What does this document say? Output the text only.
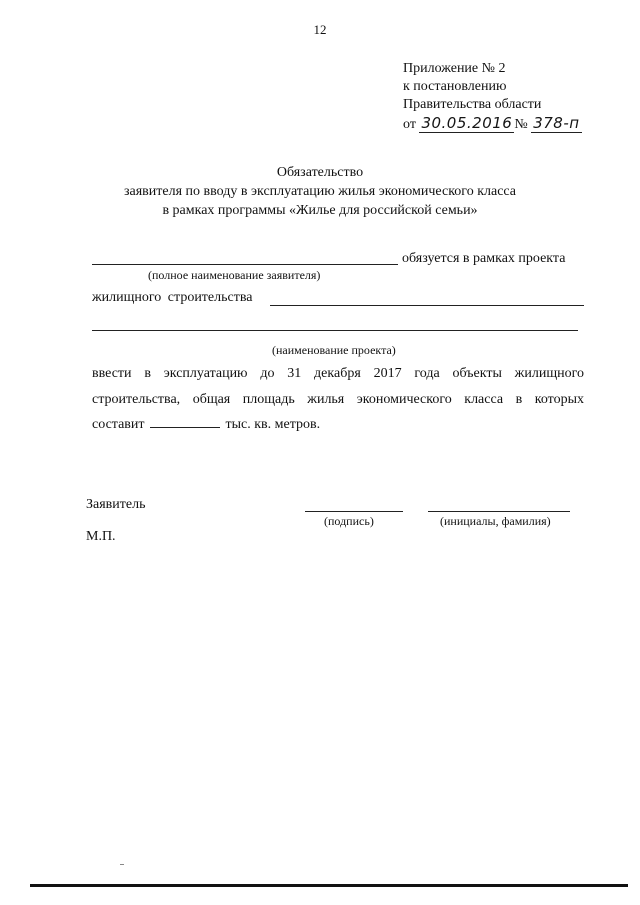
12
Приложение № 2
к постановлению
Правительства области
от 30.05.2016 № 378-п
Обязательство
заявителя по вводу в эксплуатацию жилья экономического класса
в рамках программы «Жилье для российской семьи»
обязуется в рамках проекта
(полное наименование заявителя)
жилищного строительства
(наименование проекта)
ввести в эксплуатацию до 31 декабря 2017 года объекты жилищного
строительства, общая площадь жилья экономического класса в которых
составит	тыс. кв. метров.
Заявитель
(подпись)	(инициалы, фамилия)
М.П.
